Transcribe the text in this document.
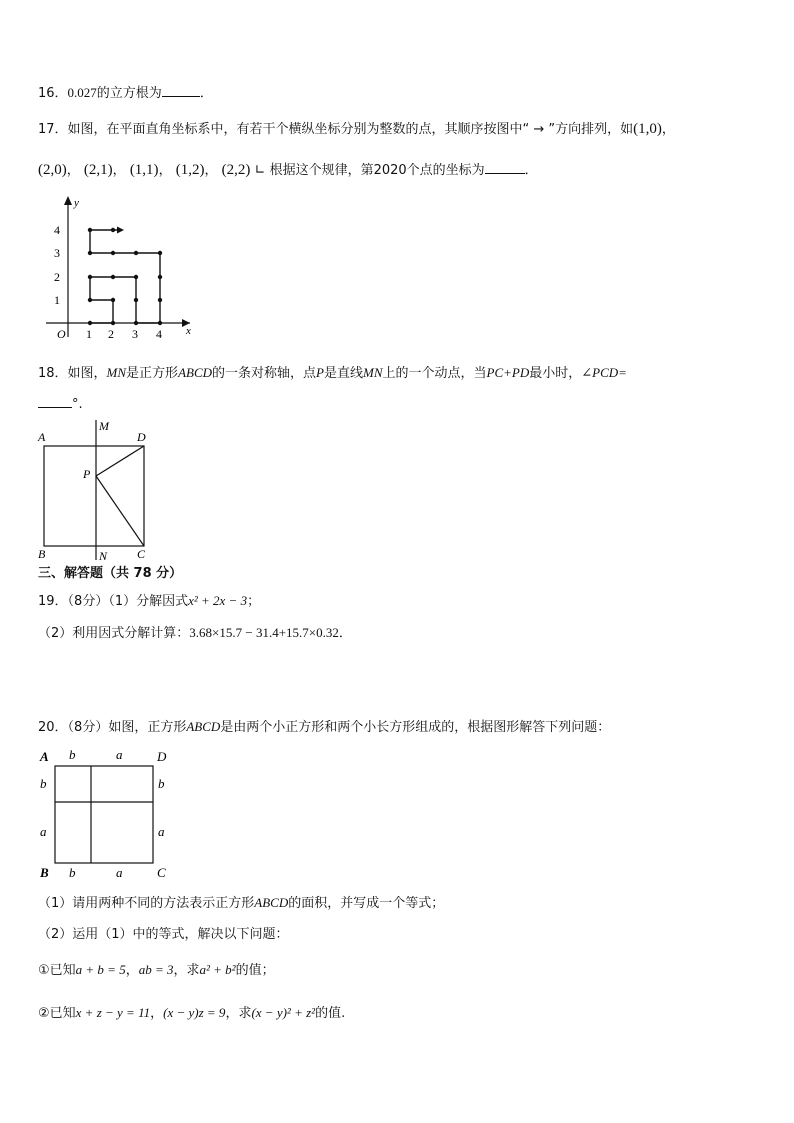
16．0.027的立方根为	．
17．如图，在平面直角坐标系中，有若干个横纵坐标分别为整数的点，其顺序按图中“ → ”方向排列，如(1,0)，
(2,0)， (2,1)， (1,1)， (1,2)， (2,2) ∟ 根据这个规律，第2020个点的坐标为	．
y
x
O 1 2 3 4
1
2
3
4
18．如图，MN是正方形ABCD的一条对称轴，点P是直线MN上的一个动点，当PC+PD最小时，∠PCD=
°.
A	D
B	C
M
N
P
三、解答题（共 78 分）
19．（8分）（1）分解因式x² + 2x − 3；
（2）利用因式分解计算：3.68×15.7 − 31.4+15.7×0.32．
20．（8分）如图，正方形ABCD是由两个小正方形和两个小长方形组成的，根据图形解答下列问题：
A	D
B	C
b	a
b
a
b
a
b	a
（1）请用两种不同的方法表示正方形ABCD的面积，并写成一个等式；
（2）运用（1）中的等式，解决以下问题：
①已知a + b = 5，ab = 3，求a² + b²的值；
②已知x + z − y = 11，(x − y)z = 9，求(x − y)² + z²的值.
